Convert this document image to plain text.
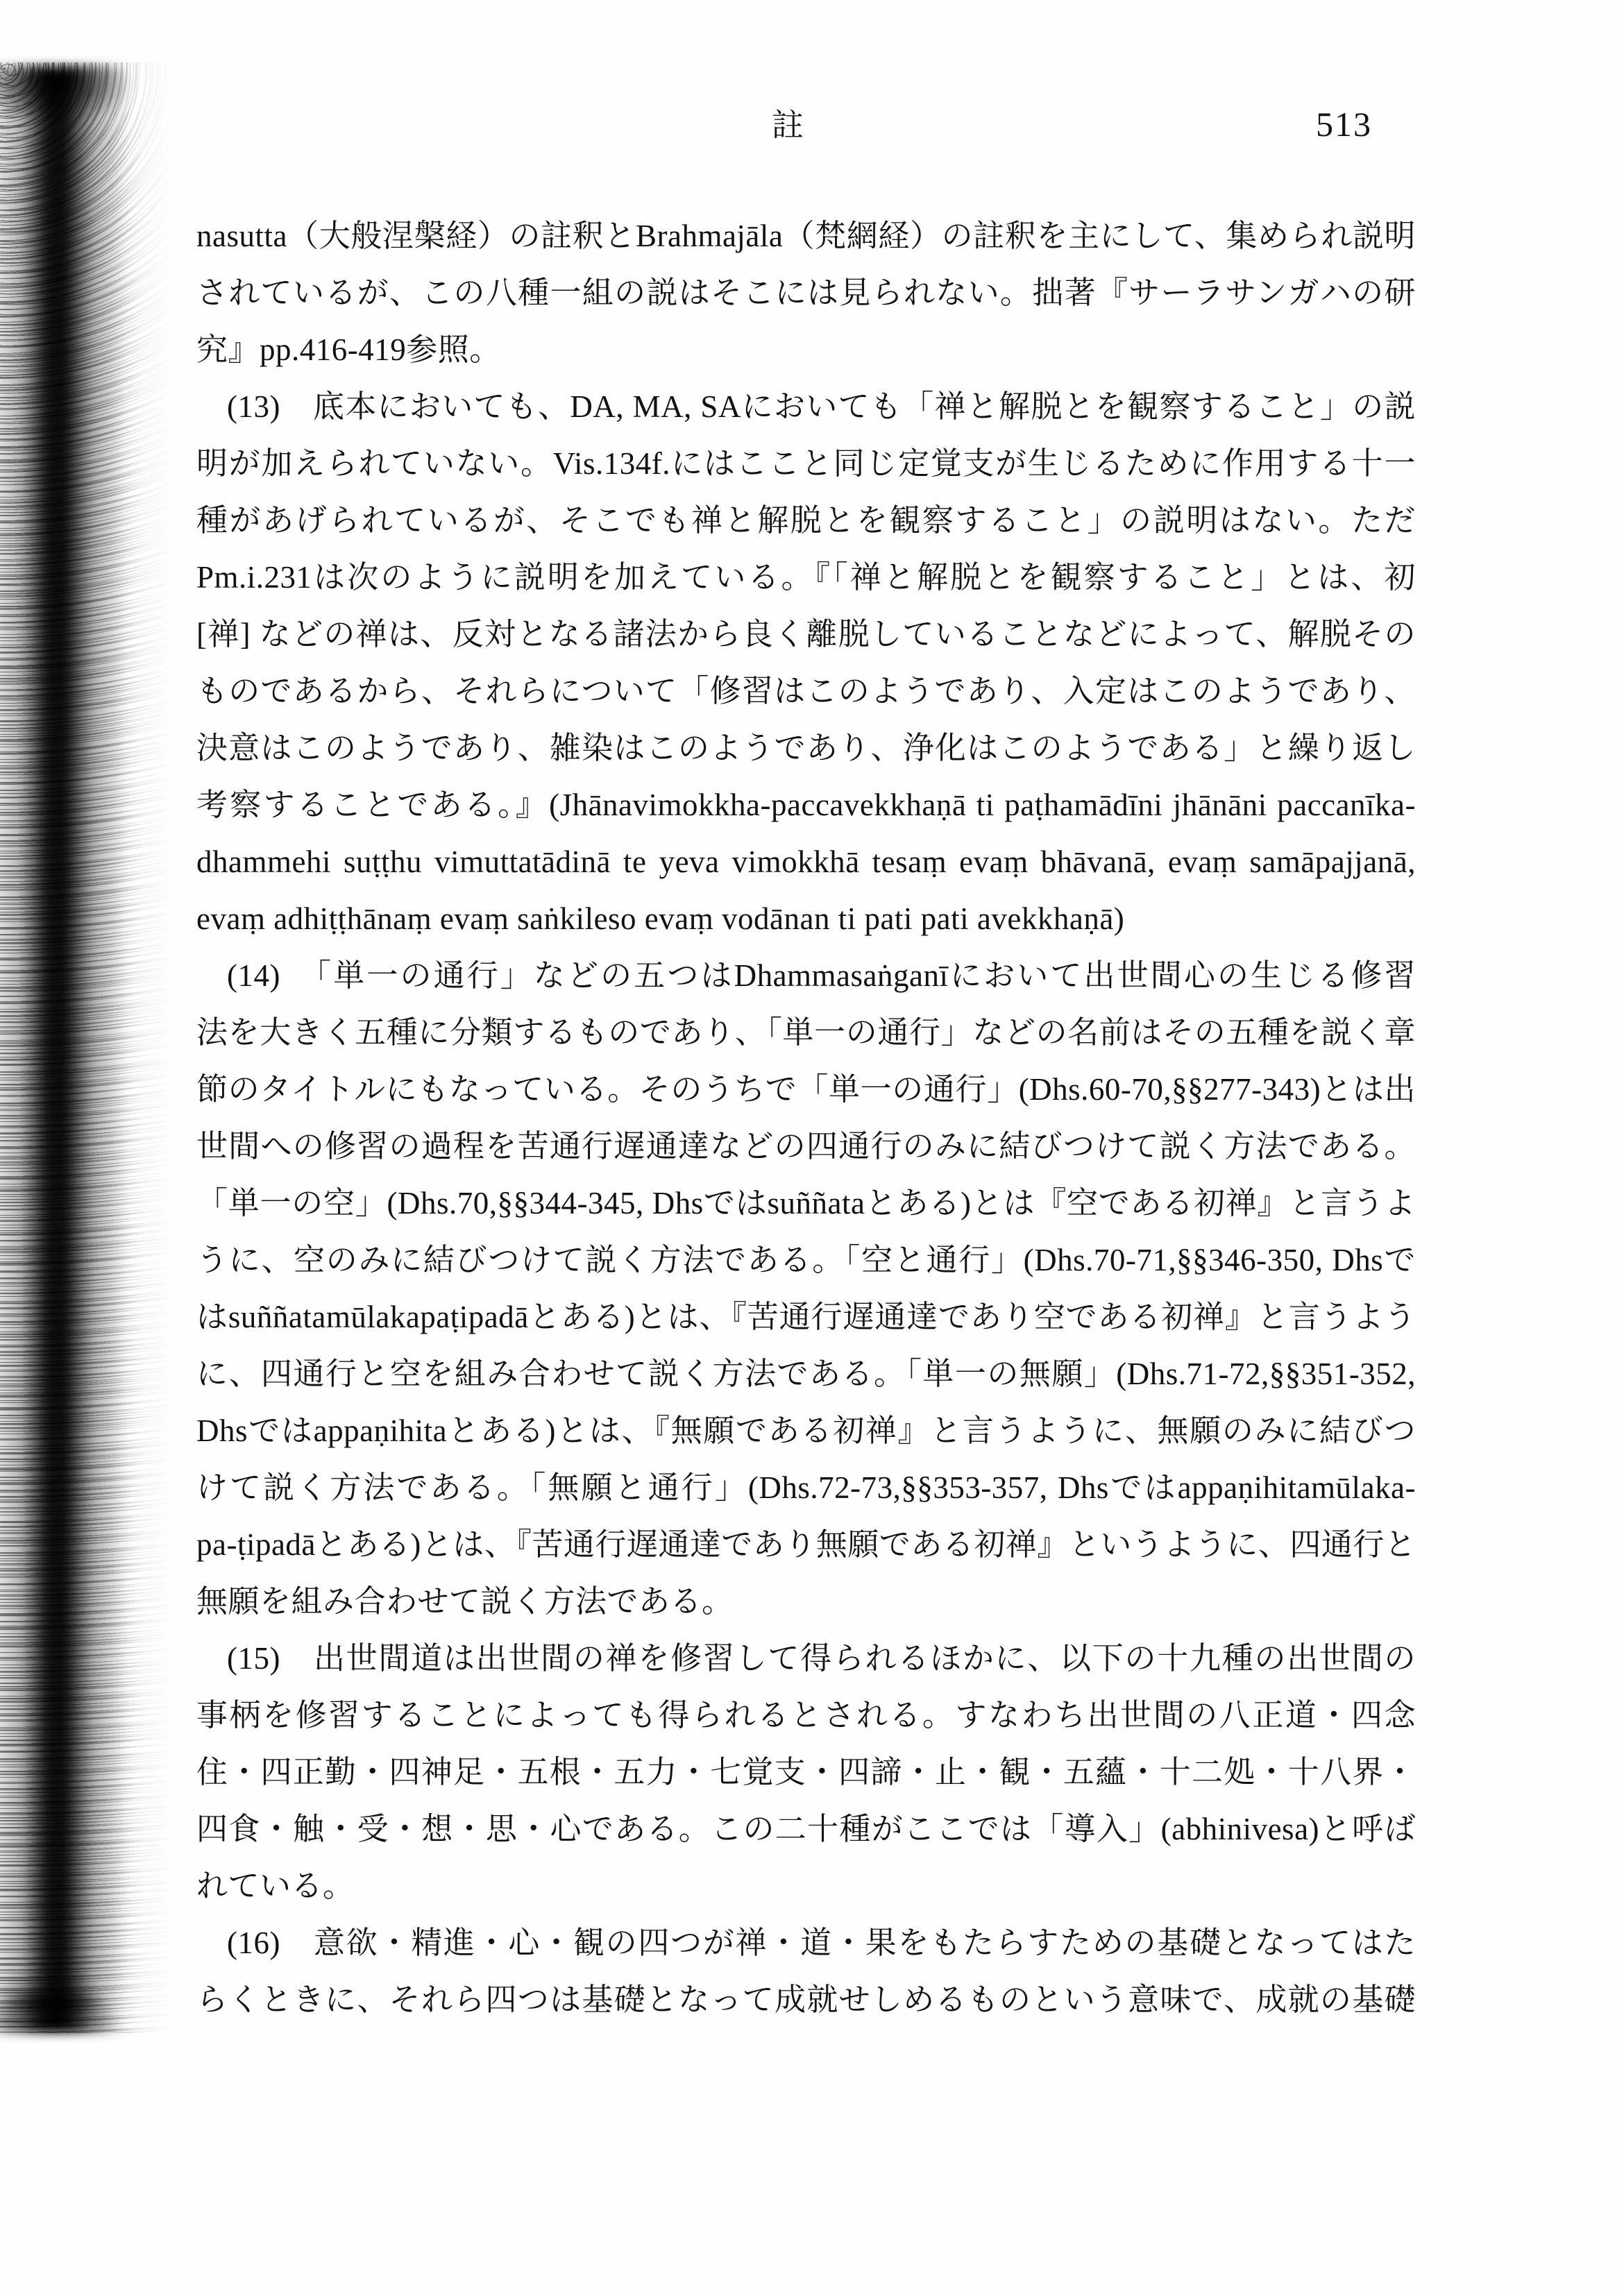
註	513
nasutta（大般涅槃経）の註釈とBrahmajāla（梵網経）の註釈を主にして、集められ説明
されているが、この八種一組の説はそこには見られない。拙著『サーラサンガハの研
究』pp.416-419参照。
(13)　底本においても、DA, MA, SAにおいても「禅と解脱とを観察すること」の説
明が加えられていない。Vis.134f.にはここと同じ定覚支が生じるために作用する十一
種があげられているが、そこでも禅と解脱とを観察すること」の説明はない。ただ
Pm.i.231は次のように説明を加えている。『「禅と解脱とを観察すること」とは、初
[禅] などの禅は、反対となる諸法から良く離脱していることなどによって、解脱その
ものであるから、それらについて「修習はこのようであり、入定はこのようであり、
決意はこのようであり、雑染はこのようであり、浄化はこのようである」と繰り返し
考察することである。』(Jhānavimokkha-paccavekkhaṇā ti paṭhamādīni jhānāni paccanīka-
dhammehi suṭṭhu vimuttatādinā te yeva vimokkhā tesaṃ evaṃ bhāvanā, evaṃ samāpajjanā,
evaṃ adhiṭṭhānaṃ evaṃ saṅkileso evaṃ vodānan ti pati pati avekkhaṇā)
(14)　「単一の通行」などの五つはDhammasaṅganīにおいて出世間心の生じる修習
法を大きく五種に分類するものであり、「単一の通行」などの名前はその五種を説く章
節のタイトルにもなっている。そのうちで「単一の通行」(Dhs.60-70,§§277-343)とは出
世間への修習の過程を苦通行遅通達などの四通行のみに結びつけて説く方法である。
「単一の空」(Dhs.70,§§344-345, Dhsではsuññataとある)とは『空である初禅』と言うよ
うに、空のみに結びつけて説く方法である。「空と通行」(Dhs.70-71,§§346-350, Dhsで
はsuññatamūlakapaṭipadāとある)とは、『苦通行遅通達であり空である初禅』と言うよう
に、四通行と空を組み合わせて説く方法である。「単一の無願」(Dhs.71-72,§§351-352,
Dhsではappaṇihitaとある)とは、『無願である初禅』と言うように、無願のみに結びつ
けて説く方法である。「無願と通行」(Dhs.72-73,§§353-357, Dhsではappaṇihitamūlaka-
pa-ṭipadāとある)とは、『苦通行遅通達であり無願である初禅』というように、四通行と
無願を組み合わせて説く方法である。
(15)　出世間道は出世間の禅を修習して得られるほかに、以下の十九種の出世間の
事柄を修習することによっても得られるとされる。すなわち出世間の八正道・四念
住・四正勤・四神足・五根・五力・七覚支・四諦・止・観・五蘊・十二処・十八界・
四食・触・受・想・思・心である。この二十種がここでは「導入」(abhinivesa)と呼ば
れている。
(16)　意欲・精進・心・観の四つが禅・道・果をもたらすための基礎となってはた
らくときに、それら四つは基礎となって成就せしめるものという意味で、成就の基礎
